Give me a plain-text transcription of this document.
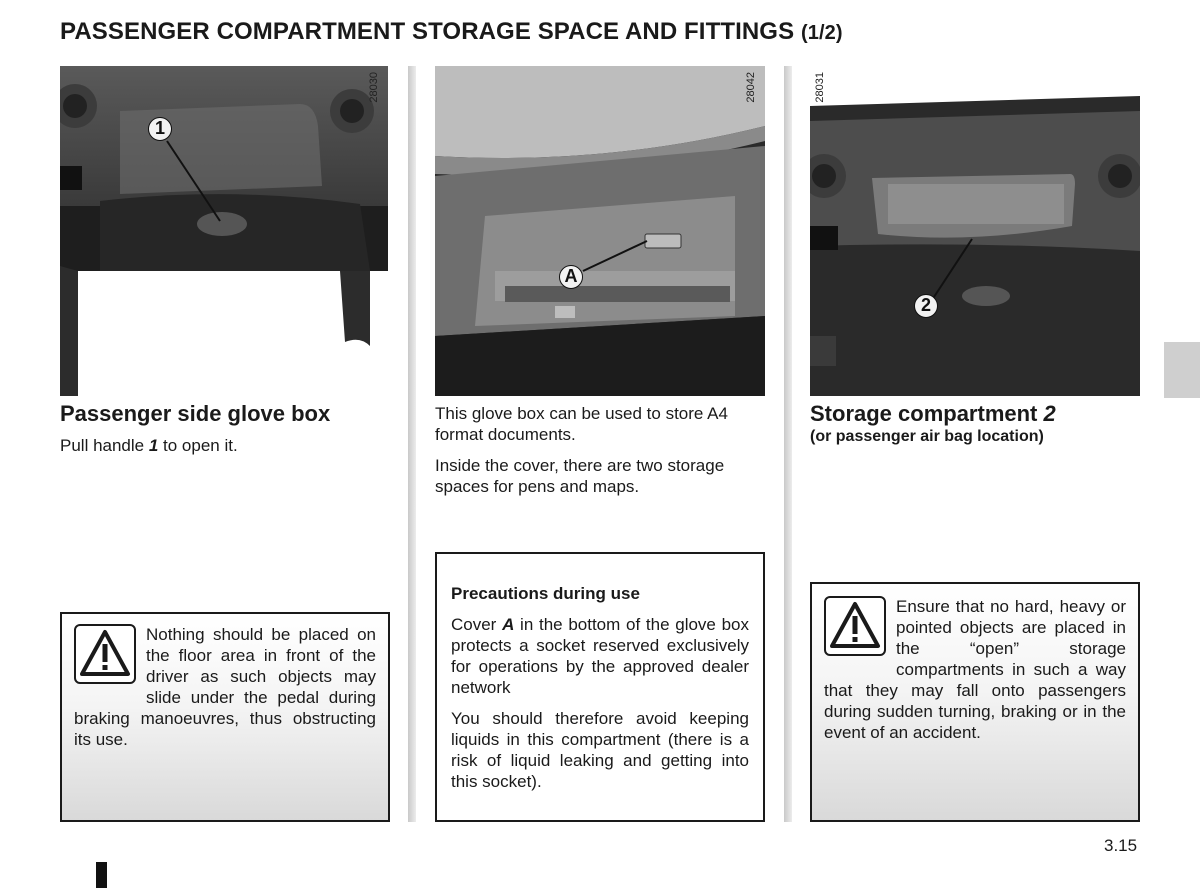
PASSENGER COMPARTMENT STORAGE SPACE AND FITTINGS (1/2)
1
28030
Passenger side glove box

Pull handle 1 to open it.

Nothing should be placed on the floor area in front of the driver as such objects may slide under the pedal during braking manoeuvres, thus obstructing its use.

A
28042

This glove box can be used to store A4 format documents.

Inside the cover, there are two storage spaces for pens and maps.

Precautions during use

Cover A in the bottom of the glove box protects a socket reserved exclusively for operations by the approved dealer network

You should therefore avoid keeping liquids in this compartment (there is a risk of liquid leaking and getting into this socket).

2
28031
Storage compartment 2
(or passenger air bag location)

Ensure that no hard, heavy or pointed objects are placed in the “open” storage compartments in such a way that they may fall onto passengers during sudden turning, braking or in the event of an accident.

3.15
